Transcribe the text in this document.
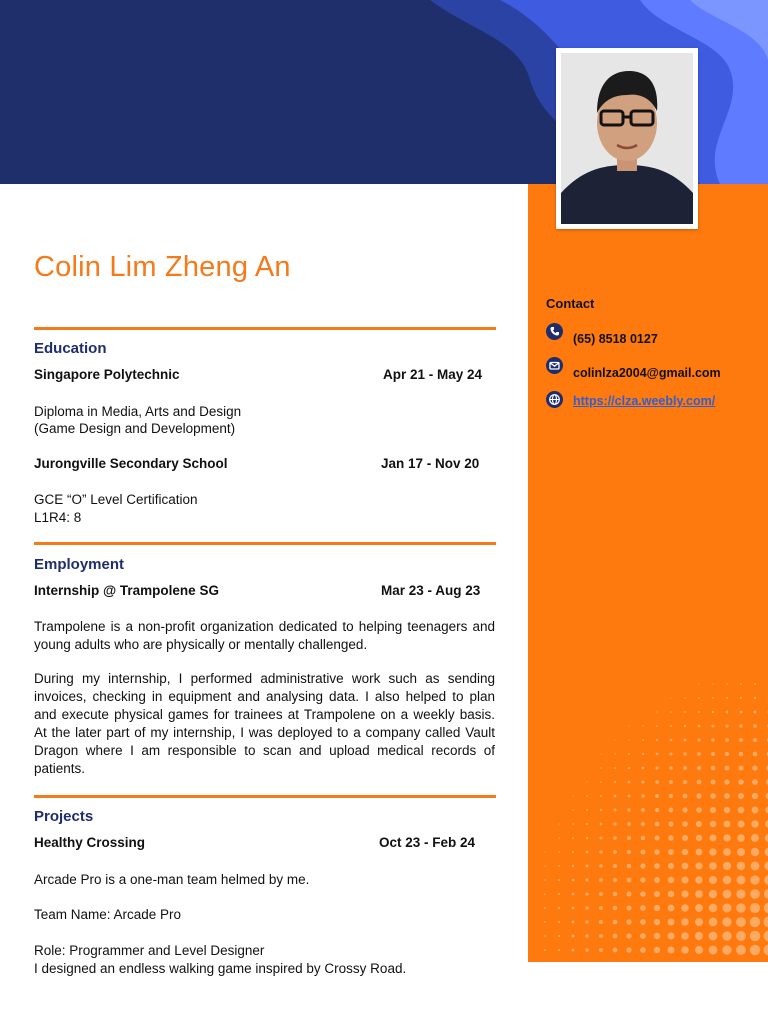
Colin Lim Zheng An
Education
Singapore Polytechnic	Apr 21 - May 24
Diploma in Media, Arts and Design
(Game Design and Development)
Jurongville Secondary School	Jan 17 - Nov 20
GCE “O” Level Certification
L1R4: 8
Employment
Internship @ Trampolene SG	Mar 23 - Aug 23

Trampolene is a non-profit organization dedicated to helping teenagers and young adults who are physically or mentally challenged.

During my internship, I performed administrative work such as sending invoices, checking in equipment and analysing data. I also helped to plan and execute physical games for trainees at Trampolene on a weekly basis. At the later part of my internship, I was deployed to a company called Vault Dragon where I am responsible to scan and upload medical records of patients.

Projects
Healthy Crossing	Oct 23 - Feb 24
Arcade Pro is a one-man team helmed by me.
Team Name: Arcade Pro
Role: Programmer and Level Designer
I designed an endless walking game inspired by Crossy Road.
Contact
(65) 8518 0127
colinlza2004@gmail.com
https://clza.weebly.com/
